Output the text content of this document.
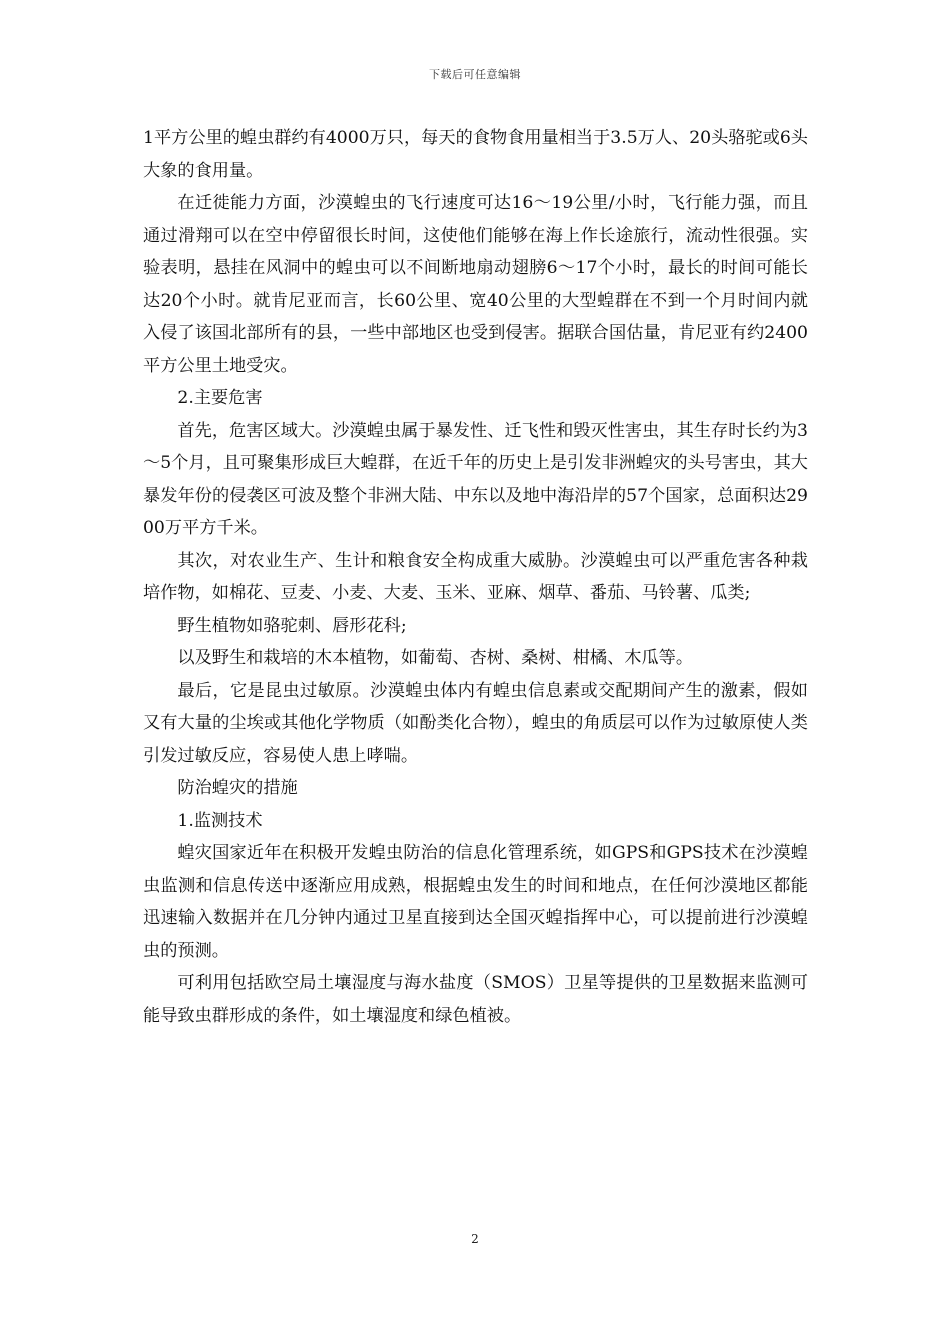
下载后可任意编辑

1平方公里的蝗虫群约有4000万只，每天的食物食用量相当于3.5万人、20头骆驼或6头大象的食用量。

在迁徙能力方面，沙漠蝗虫的飞行速度可达16～19公里/小时，飞行能力强，而且通过滑翔可以在空中停留很长时间，这使他们能够在海上作长途旅行，流动性很强。实验表明，悬挂在风洞中的蝗虫可以不间断地扇动翅膀6～17个小时，最长的时间可能长达20个小时。就肯尼亚而言，长60公里、宽40公里的大型蝗群在不到一个月时间内就入侵了该国北部所有的县，一些中部地区也受到侵害。据联合国估量，肯尼亚有约2400平方公里土地受灾。

2.主要危害

首先，危害区域大。沙漠蝗虫属于暴发性、迁飞性和毁灭性害虫，其生存时长约为3～5个月，且可聚集形成巨大蝗群，在近千年的历史上是引发非洲蝗灾的头号害虫，其大暴发年份的侵袭区可波及整个非洲大陆、中东以及地中海沿岸的57个国家，总面积达2900万平方千米。

其次，对农业生产、生计和粮食安全构成重大威胁。沙漠蝗虫可以严重危害各种栽培作物，如棉花、豆麦、小麦、大麦、玉米、亚麻、烟草、番茄、马铃薯、瓜类;

野生植物如骆驼刺、唇形花科;

以及野生和栽培的木本植物，如葡萄、杏树、桑树、柑橘、木瓜等。

最后，它是昆虫过敏原。沙漠蝗虫体内有蝗虫信息素或交配期间产生的激素，假如又有大量的尘埃或其他化学物质（如酚类化合物），蝗虫的角质层可以作为过敏原使人类引发过敏反应，容易使人患上哮喘。

防治蝗灾的措施

1.监测技术

蝗灾国家近年在积极开发蝗虫防治的信息化管理系统，如GPS和GPS技术在沙漠蝗虫监测和信息传送中逐渐应用成熟，根据蝗虫发生的时间和地点，在任何沙漠地区都能迅速输入数据并在几分钟内通过卫星直接到达全国灭蝗指挥中心，可以提前进行沙漠蝗虫的预测。

可利用包括欧空局土壤湿度与海水盐度（SMOS）卫星等提供的卫星数据来监测可能导致虫群形成的条件，如土壤湿度和绿色植被。

2
